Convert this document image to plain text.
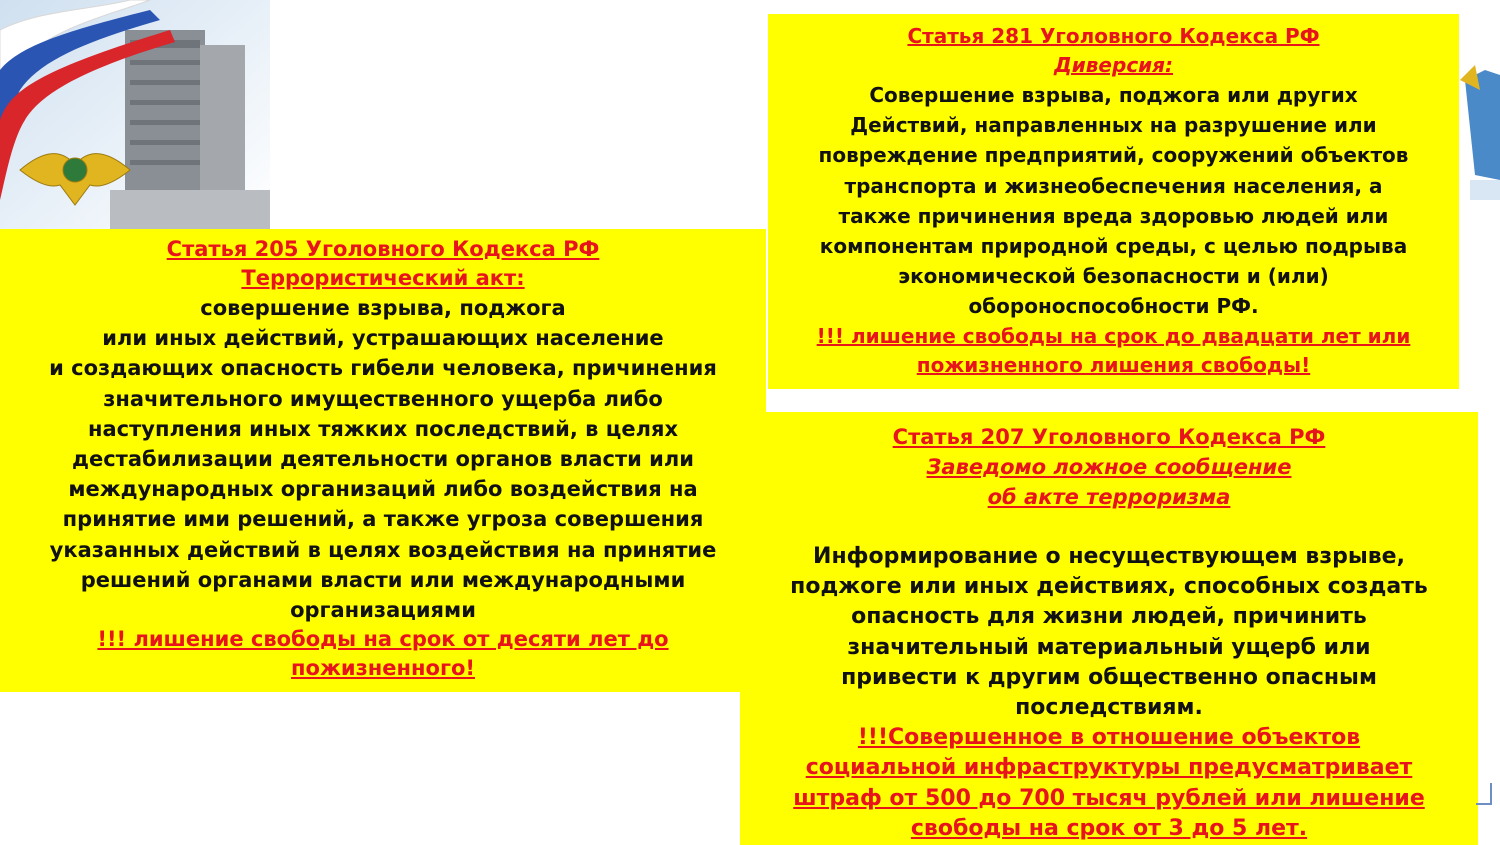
Статья 205 Уголовного Кодекса РФ

Террористический акт:

совершение взрыва, поджога

или иных действий, устрашающих население

и создающих опасность гибели человека, причинения

значительного имущественного ущерба либо

наступления иных тяжких последствий, в целях

дестабилизации деятельности органов власти или

международных организаций либо воздействия на

принятие ими решений, а также угроза совершения

указанных действий в целях воздействия на принятие

решений органами власти или международными

организациями

!!! лишение свободы на срок от десяти лет до

пожизненного!

Статья 281 Уголовного Кодекса РФ

Диверсия:

Совершение взрыва, поджога или других

Действий, направленных на разрушение или

повреждение предприятий, сооружений объектов

транспорта и жизнеобеспечения населения, а

также причинения вреда здоровью людей или

компонентам природной среды, с целью подрыва

экономической безопасности и (или)

обороноспособности РФ.

!!! лишение свободы на срок до двадцати лет или

пожизненного лишения свободы!

Статья 207 Уголовного Кодекса РФ

Заведомо ложное сообщение

об акте терроризма

Информирование о несуществующем взрыве,

поджоге или иных действиях, способных создать

опасность для жизни людей, причинить

значительный материальный ущерб или

привести к другим общественно опасным

последствиям.

!!!Совершенное в отношение объектов

социальной инфраструктуры предусматривает

штраф от 500 до 700 тысяч рублей или лишение

свободы на срок от 3 до 5 лет.
